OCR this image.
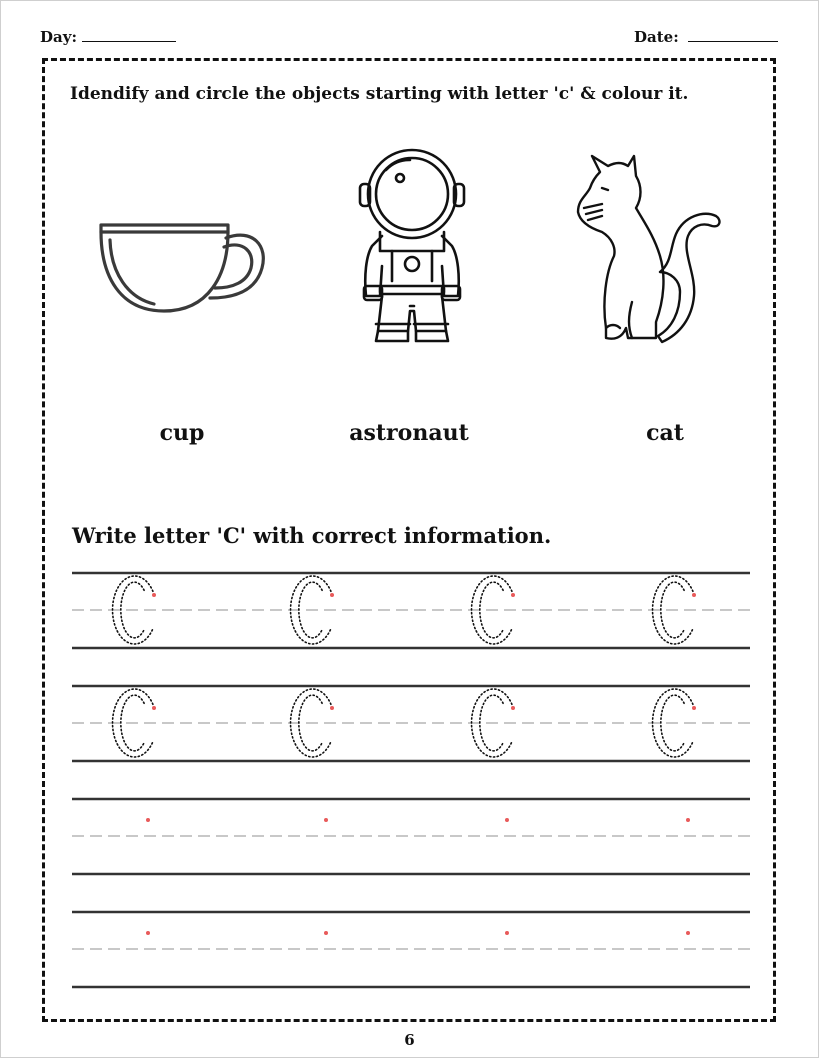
Day:	Date:
Idendify and circle the objects starting with letter 'c' & colour it.
cup	astronaut	cat
Write letter 'C' with correct information.
6
